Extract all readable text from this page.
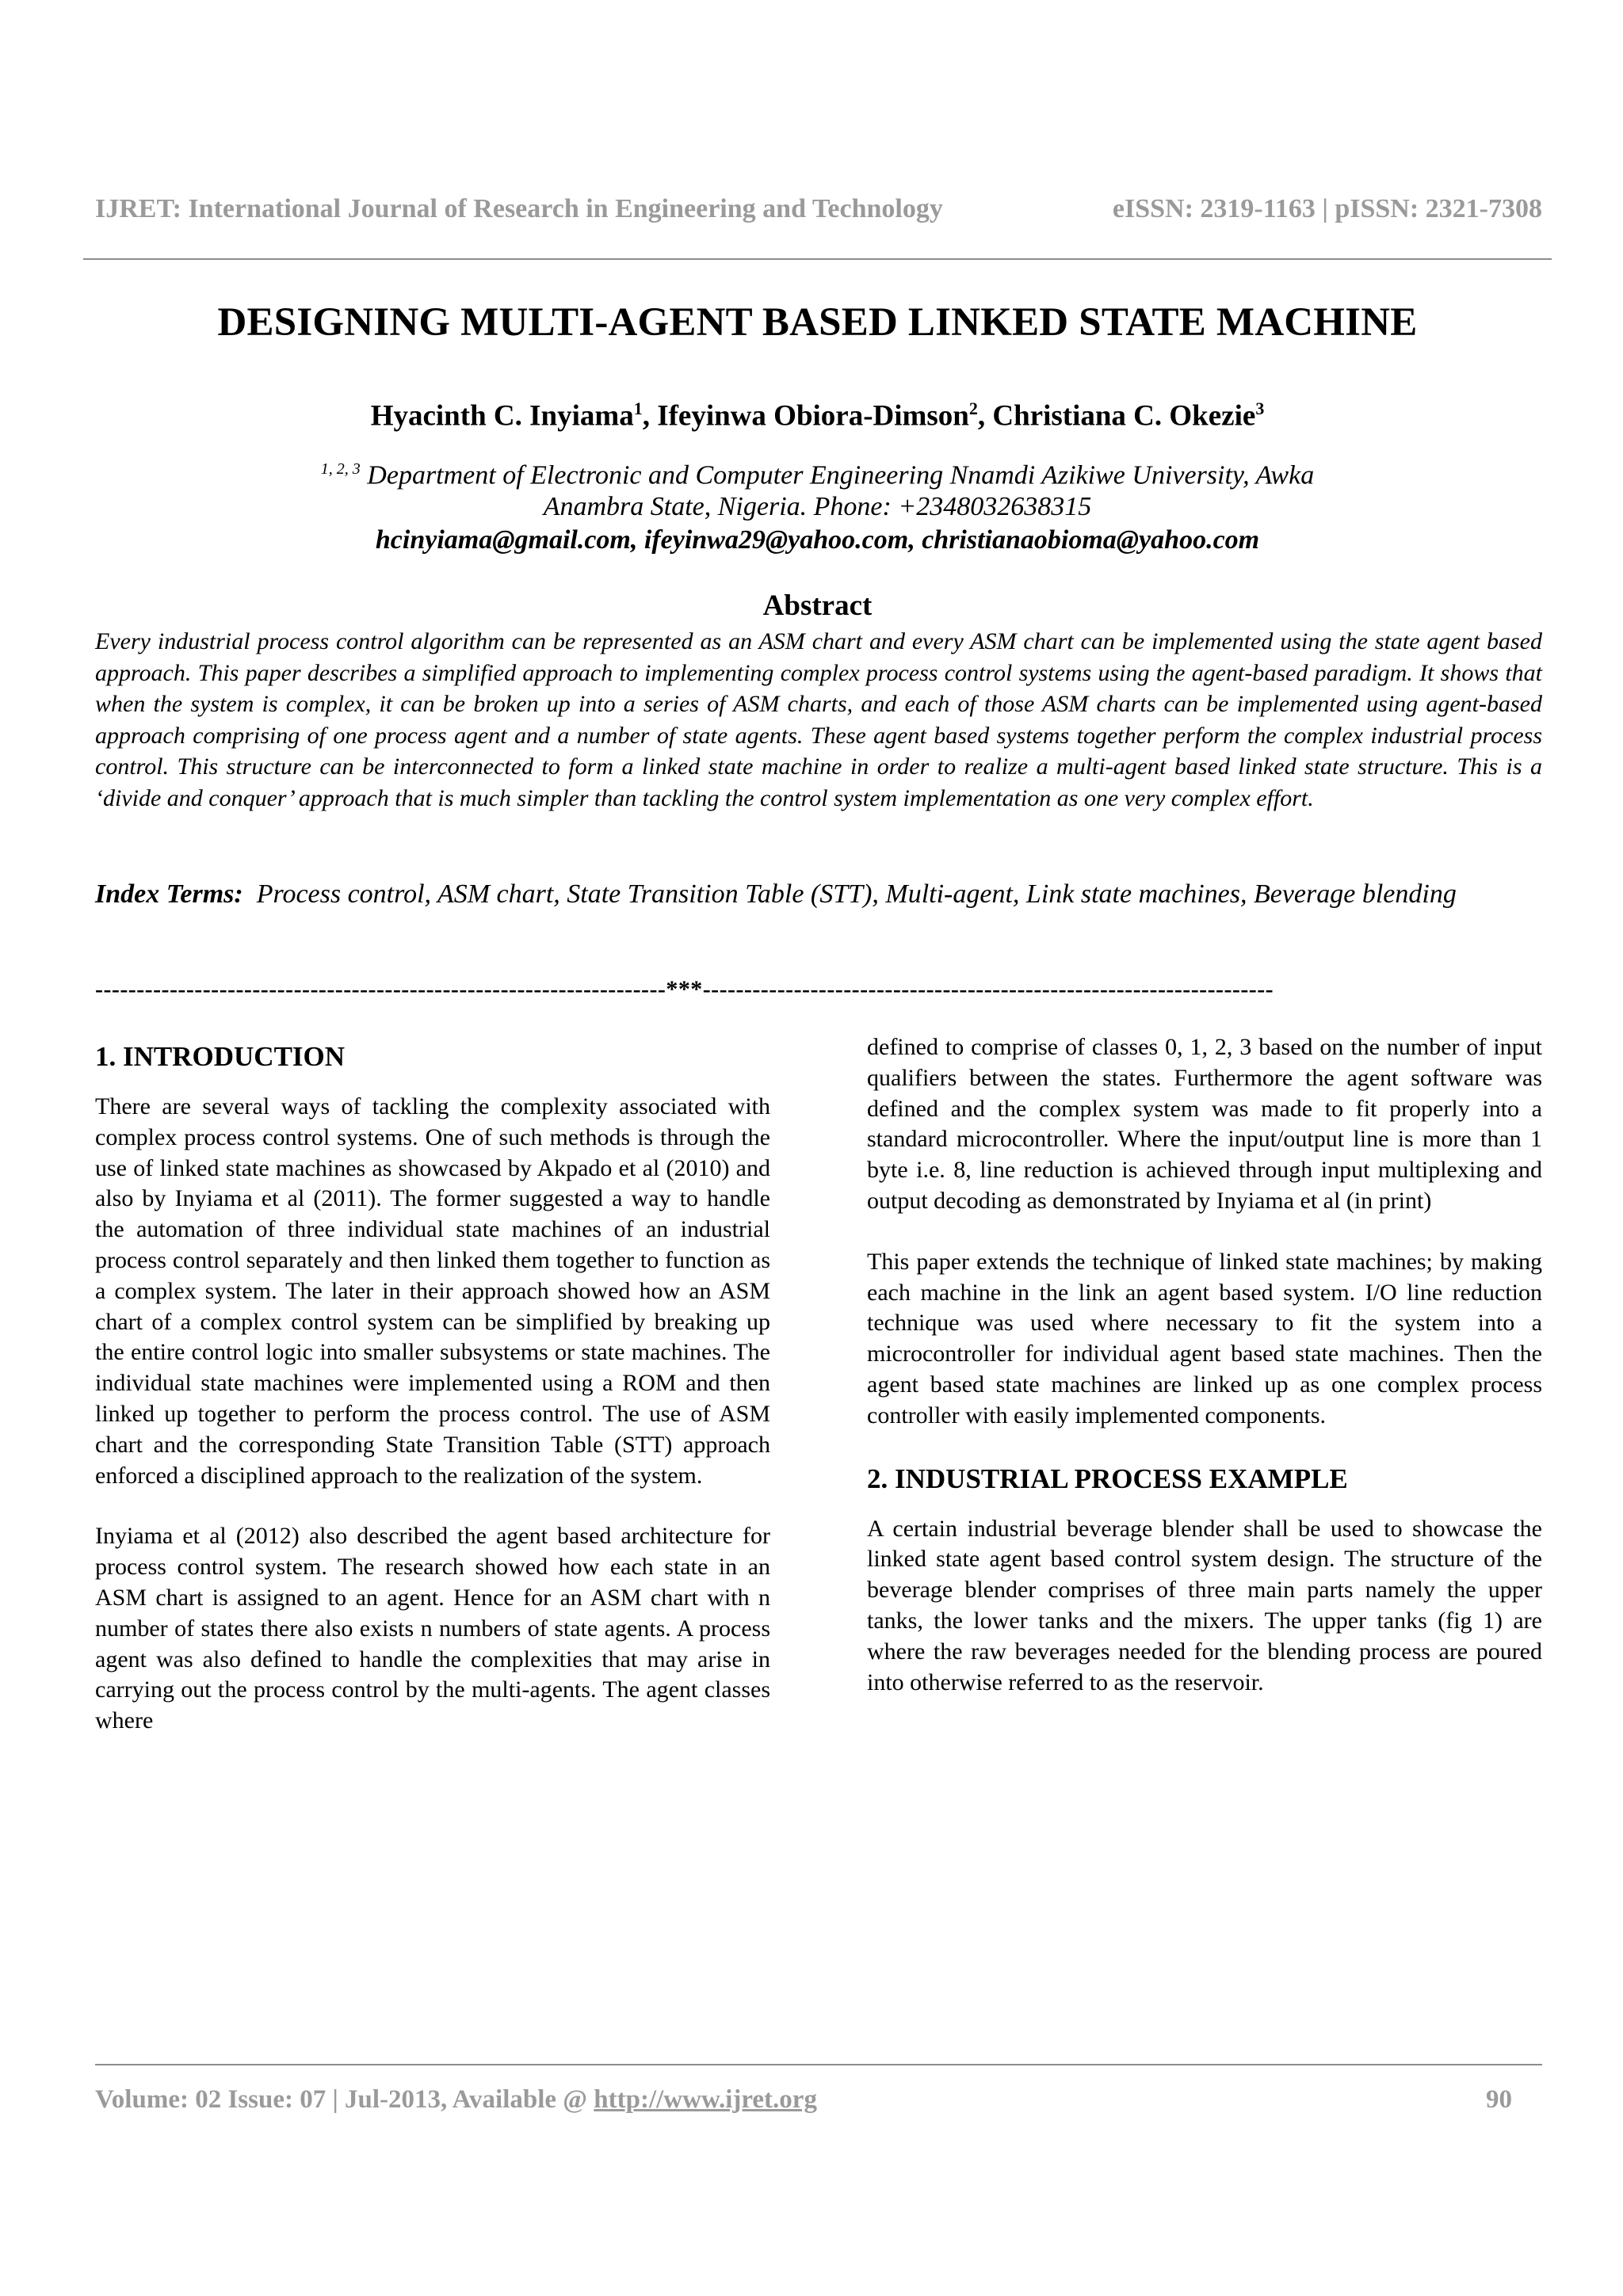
IJRET: International Journal of Research in Engineering and Technology	eISSN: 2319-1163 | pISSN: 2321-7308
DESIGNING MULTI-AGENT BASED LINKED STATE MACHINE
Hyacinth C. Inyiama$^1$, Ifeyinwa Obiora-Dimson$^2$, Christiana C. Okezie$^3$
$^{1, 2, 3}$ Department of Electronic and Computer Engineering Nnamdi Azikiwe University, Awka
Anambra State, Nigeria. Phone: +2348032638315
hcinyiama@gmail.com, ifeyinwa29@yahoo.com, christianaobioma@yahoo.com
Abstract
Every industrial process control algorithm can be represented as an ASM chart and every ASM chart can be implemented using the state agent based approach. This paper describes a simplified approach to implementing complex process control systems using the agent-based paradigm. It shows that when the system is complex, it can be broken up into a series of ASM charts, and each of those ASM charts can be implemented using agent-based approach comprising of one process agent and a number of state agents. These agent based systems together perform the complex industrial process control. This structure can be interconnected to form a linked state machine in order to realize a multi-agent based linked state structure. This is a ‘divide and conquer’ approach that is much simpler than tackling the control system implementation as one very complex effort.
Index Terms: Process control, ASM chart, State Transition Table (STT), Multi-agent, Link state machines, Beverage blending
---------------------------------------------------------------------***---------------------------------------------------------------------
1. INTRODUCTION

There are several ways of tackling the complexity associated with complex process control systems. One of such methods is through the use of linked state machines as showcased by Akpado et al (2010) and also by Inyiama et al (2011). The former suggested a way to handle the automation of three individual state machines of an industrial process control separately and then linked them together to function as a complex system. The later in their approach showed how an ASM chart of a complex control system can be simplified by breaking up the entire control logic into smaller subsystems or state machines. The individual state machines were implemented using a ROM and then linked up together to perform the process control. The use of ASM chart and the corresponding State Transition Table (STT) approach enforced a disciplined approach to the realization of the system.

Inyiama et al (2012) also described the agent based architecture for process control system. The research showed how each state in an ASM chart is assigned to an agent. Hence for an ASM chart with n number of states there also exists n numbers of state agents. A process agent was also defined to handle the complexities that may arise in carrying out the process control by the multi-agents. The agent classes where

defined to comprise of classes 0, 1, 2, 3 based on the number of input qualifiers between the states. Furthermore the agent software was defined and the complex system was made to fit properly into a standard microcontroller. Where the input/output line is more than 1 byte i.e. 8, line reduction is achieved through input multiplexing and output decoding as demonstrated by Inyiama et al (in print)

This paper extends the technique of linked state machines; by making each machine in the link an agent based system. I/O line reduction technique was used where necessary to fit the system into a microcontroller for individual agent based state machines. Then the agent based state machines are linked up as one complex process controller with easily implemented components.

2. INDUSTRIAL PROCESS EXAMPLE

A certain industrial beverage blender shall be used to showcase the linked state agent based control system design. The structure of the beverage blender comprises of three main parts namely the upper tanks, the lower tanks and the mixers. The upper tanks (fig 1) are where the raw beverages needed for the blending process are poured into otherwise referred to as the reservoir.

Volume: 02 Issue: 07 | Jul-2013, Available @ http://www.ijret.org	90
